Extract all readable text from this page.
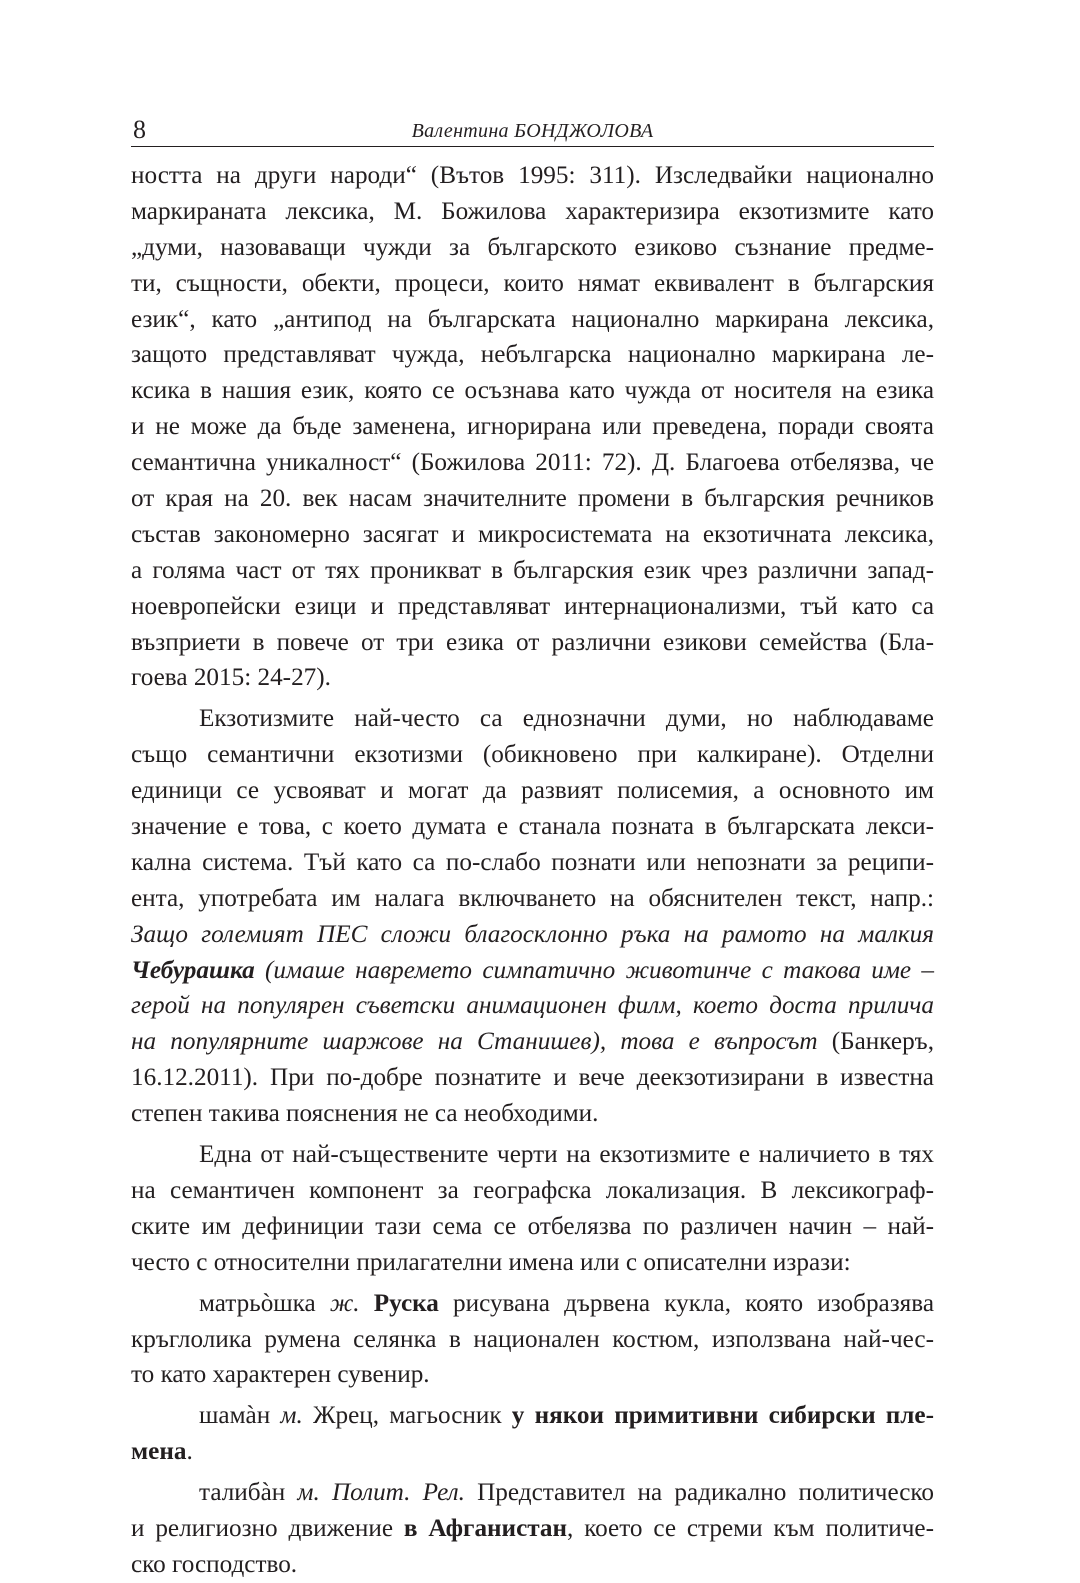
8	Валентина БОНДЖОЛОВА
ността на други народи“ (Вътов 1995: 311). Изследвайки национално
маркираната лексика, М. Божилова характеризира екзотизмите като
„думи, назоваващи чужди за българското езиково съзнание предме-
ти, същности, обекти, процеси, които нямат еквивалент в българския
език“, като „антипод на българската национално маркирана лексика,
защото представляват чужда, небългарска национално маркирана ле-
ксика в нашия език, която се осъзнава като чужда от носителя на езика
и не може да бъде заменена, игнорирана или преведена, поради своята
семантична уникалност“ (Божилова 2011: 72). Д. Благоева отбелязва, че
от края на 20. век насам значителните промени в българския речников
състав закономерно засягат и микросистемата на екзотичната лексика,
а голяма част от тях проникват в българския език чрез различни запад-
ноевропейски езици и представляват интернационализми, тъй като са
възприети в повече от три езика от различни езикови семейства (Бла-
гоева 2015: 24-27).
Екзотизмите най-често са еднозначни думи, но наблюдаваме
също семантични екзотизми (обикновено при калкиране). Отделни
единици се усвояват и могат да развият полисемия, а основното им
значение е това, с което думата е станала позната в българската лекси-
кална система. Тъй като са по-слабо познати или непознати за реципи-
ента, употребата им налага включването на обяснителен текст, напр.:
Защо големият ПЕС сложи благосклонно ръка на рамото на малкия
Чебурашка (имаше навремето симпатично животинче с такова име –
герой на популярен съветски анимационен филм, което доста прилича
на популярните шаржове на Станишев), това е въпросът (Банкеръ,
16.12.2011). При по-добре познатите и вече деекзотизирани в известна
степен такива пояснения не са необходими.
Една от най-съществените черти на екзотизмите е наличието в тях
на семантичен компонент за географска локализация. В лексикограф-
ските им дефиниции тази сема се отбелязва по различен начин – най-
често с относителни прилагателни имена или с описателни изрази:
матрьòшка ж. Руска рисувана дървена кукла, която изобразява
кръглолика румена селянка в национален костюм, използвана най-чес-
то като характерен сувенир.
шамàн м. Жрец, магьосник у някои примитивни сибирски пле-
мена.
талибàн м. Полит. Рел. Представител на радикално политическо
и религиозно движение в Афганистан, което се стреми към политиче-
ско господство.
